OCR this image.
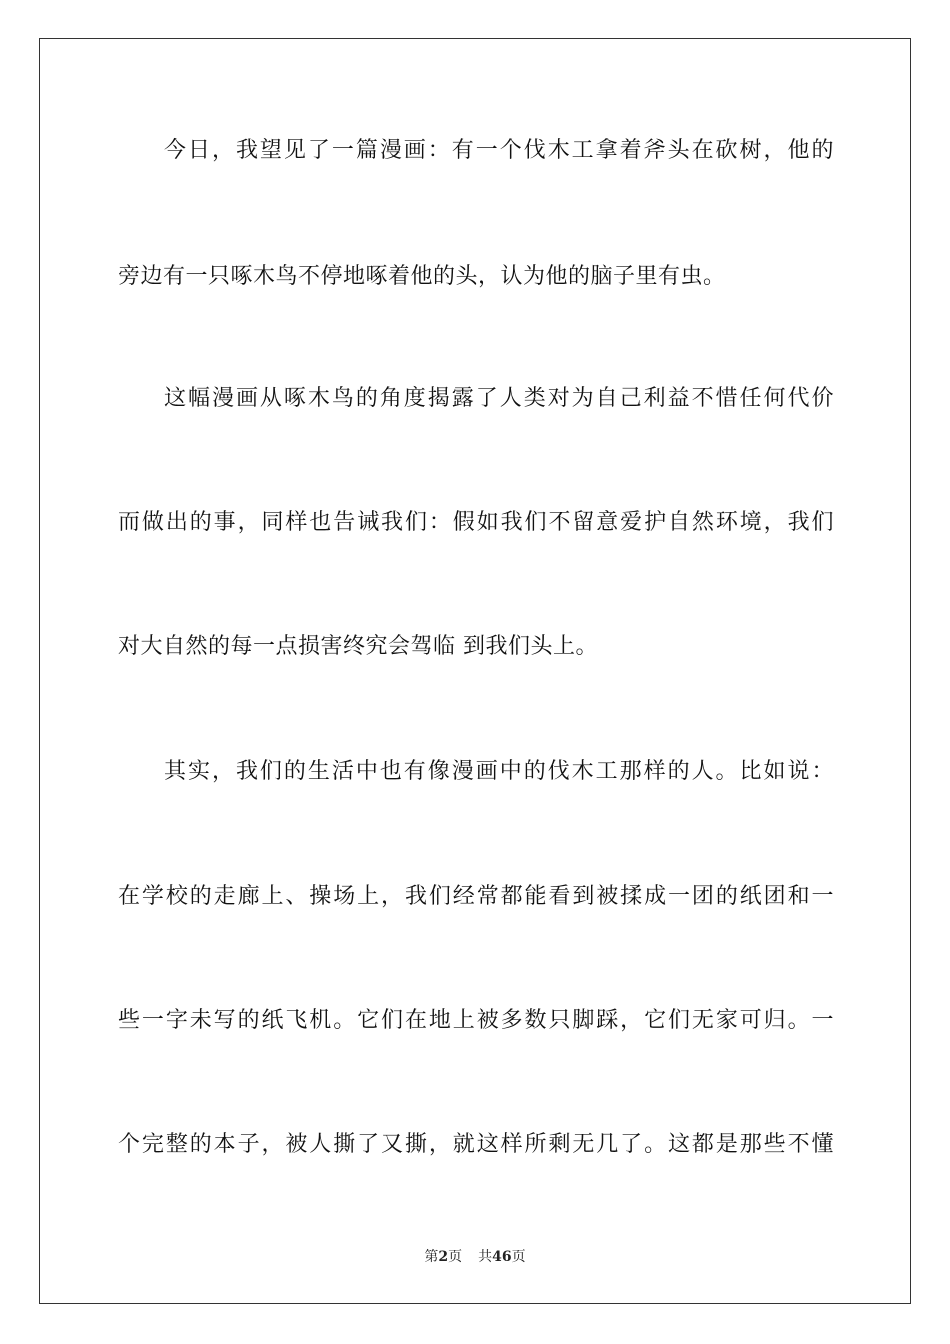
今日，我望见了一篇漫画：有一个伐木工拿着斧头在砍树，他的
旁边有一只啄木鸟不停地啄着他的头，认为他的脑子里有虫。
这幅漫画从啄木鸟的角度揭露了人类对为自己利益不惜任何代价
而做出的事，同样也告诫我们：假如我们不留意爱护自然环境，我们
对大自然的每一点损害终究会驾临 到我们头上。
其实，我们的生活中也有像漫画中的伐木工那样的人。比如说：
在学校的走廊上、操场上，我们经常都能看到被揉成一团的纸团和一
些一字未写的纸飞机。它们在地上被多数只脚踩，它们无家可归。一
个完整的本子，被人撕了又撕，就这样所剩无几了。这都是那些不懂
第2页 共46页
